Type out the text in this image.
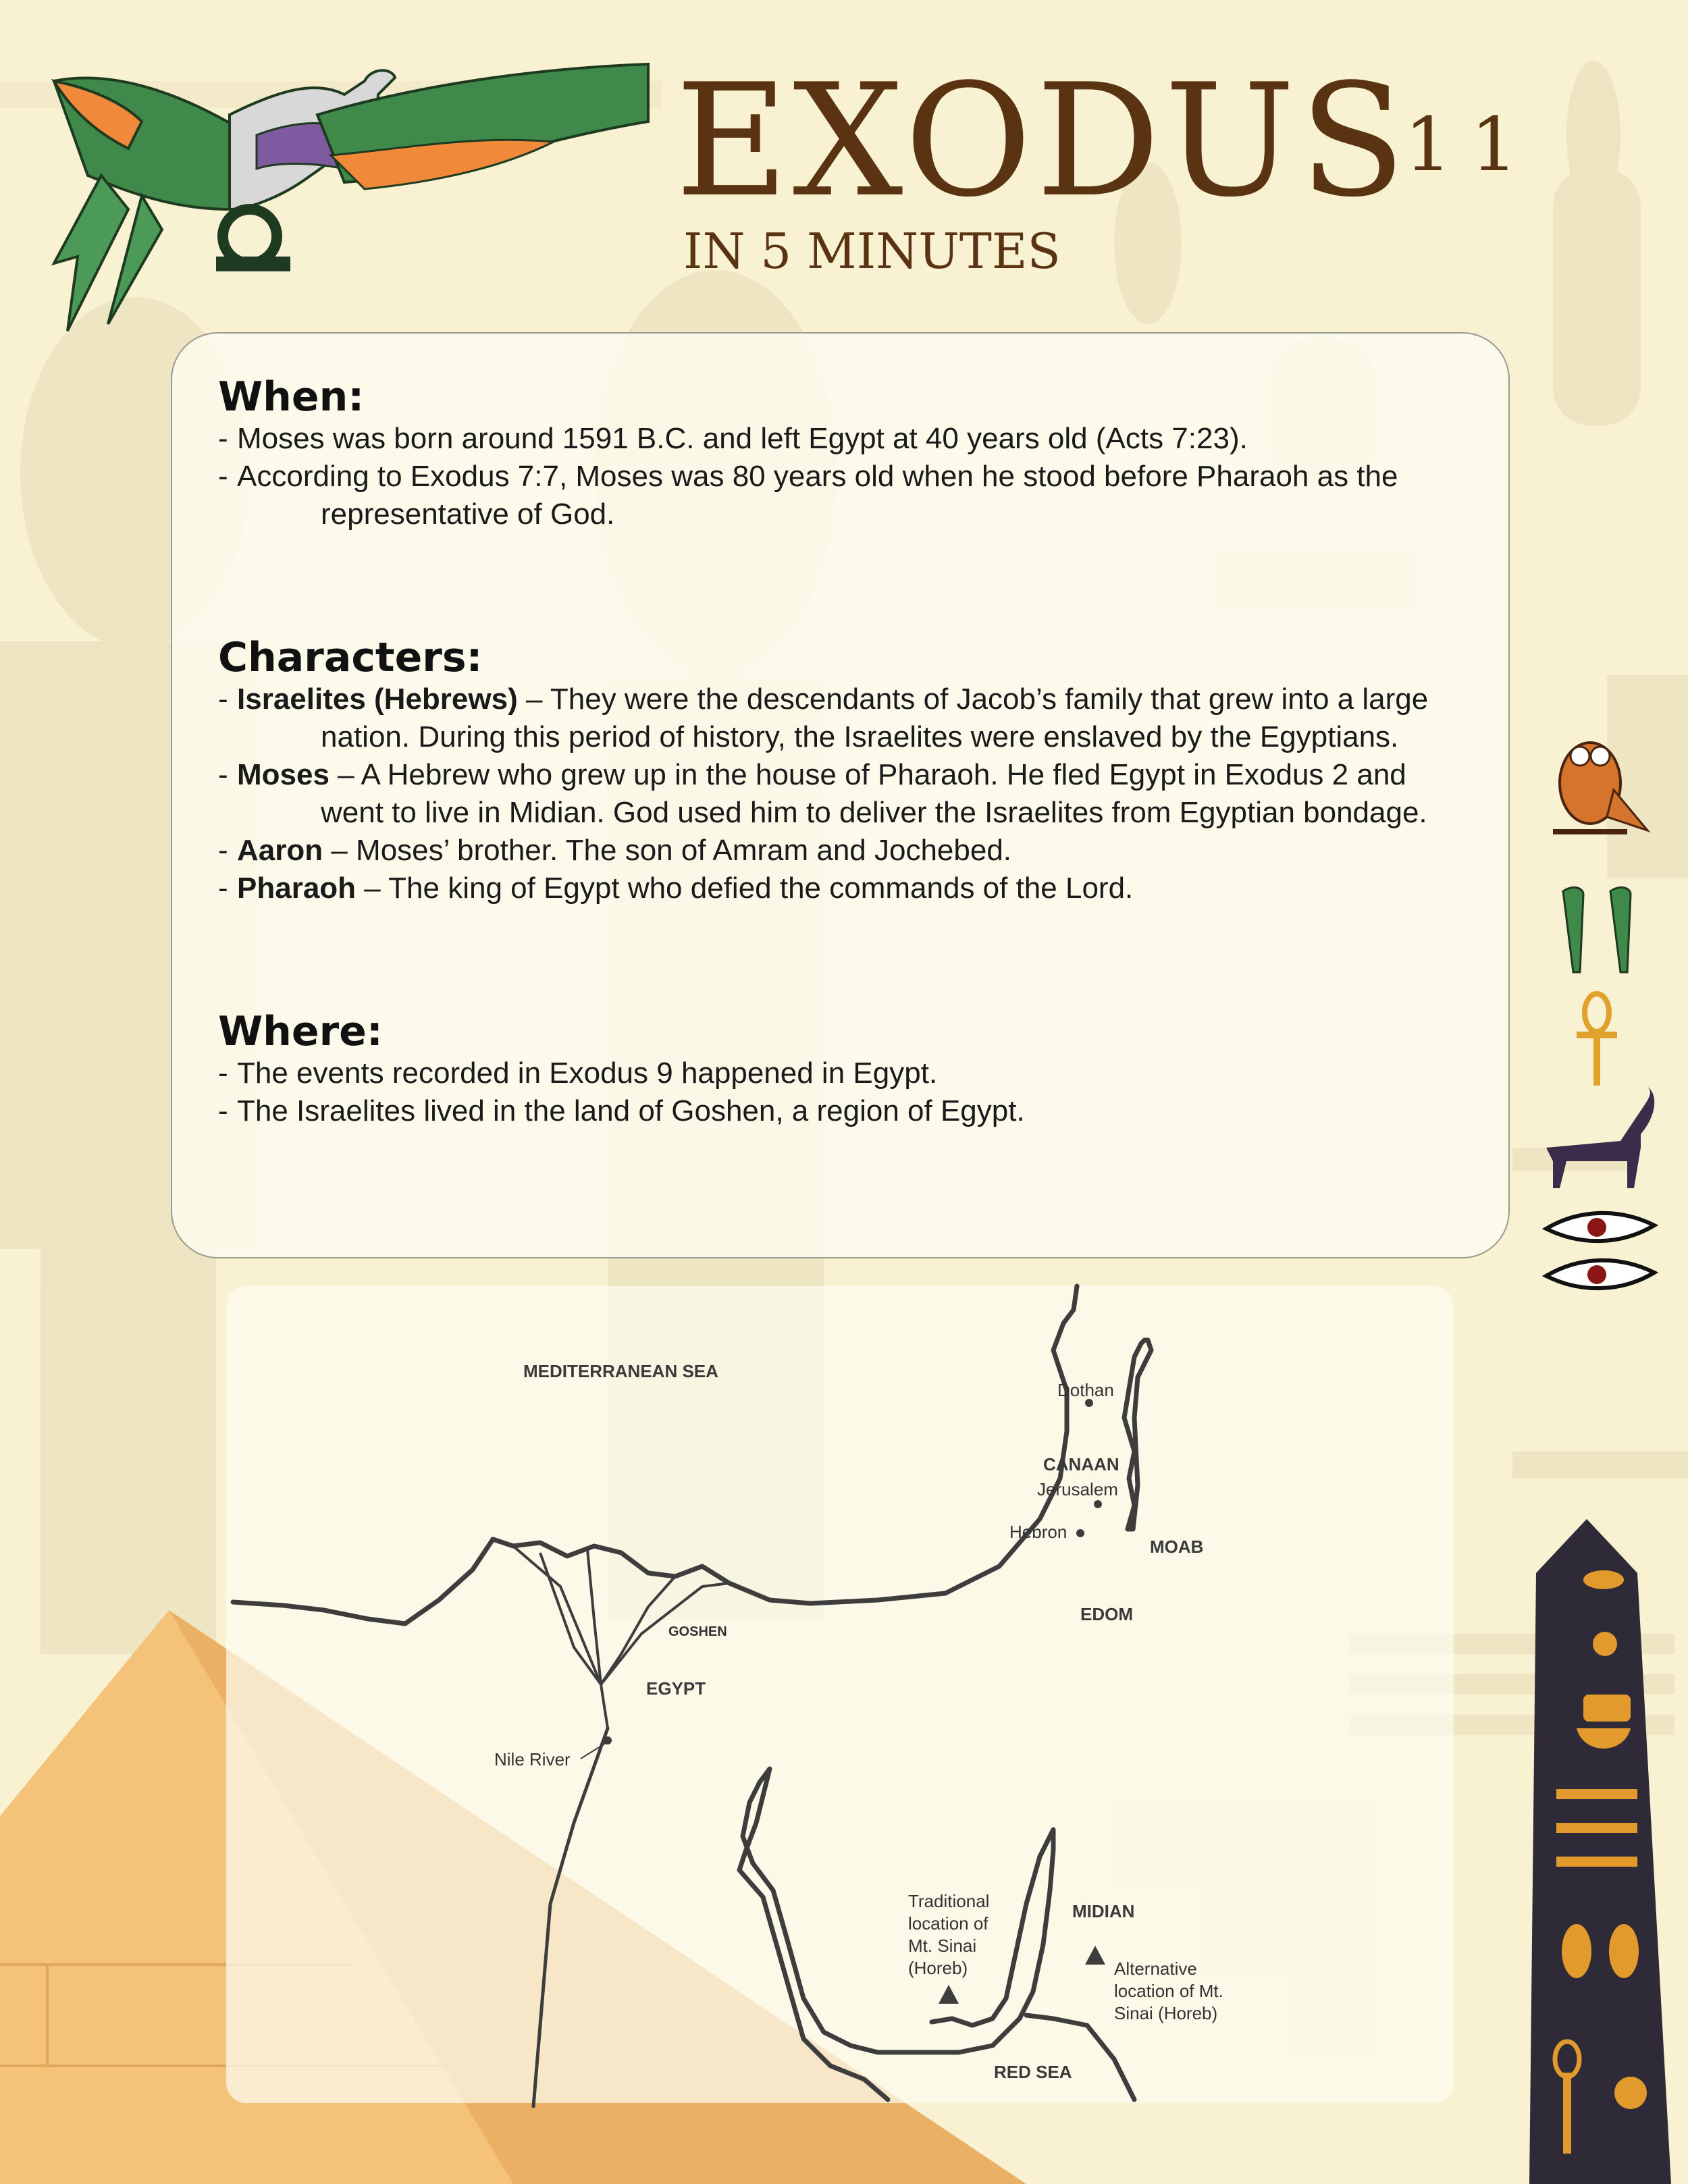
EXODUS
11
IN 5 MINUTES
When:
- Moses was born around 1591 B.C. and left Egypt at 40 years old (Acts 7:23).
- According to Exodus 7:7, Moses was 80 years old when he stood before Pharaoh as the representative of God.
Characters:
- Israelites (Hebrews) – They were the descendants of Jacob’s family that grew into a large nation. During this period of history, the Israelites were enslaved by the Egyptians.
- Moses – A Hebrew who grew up in the house of Pharaoh. He fled Egypt in Exodus 2 and went to live in Midian. God used him to deliver the Israelites from Egyptian bondage.
- Aaron – Moses’ brother. The son of Amram and Jochebed.
- Pharaoh – The king of Egypt who defied the commands of the Lord.
Where:
- The events recorded in Exodus 9 happened in Egypt.
- The Israelites lived in the land of Goshen, a region of Egypt.
MEDITERRANEAN SEA
Dothan
CANAAN
Jerusalem
Hebron
MOAB
EDOM
GOSHEN
EGYPT
Nile River
MIDIAN
Traditional
location of
Mt. Sinai
(Horeb)	Alternative
location of Mt.
Sinai (Horeb)
RED SEA
